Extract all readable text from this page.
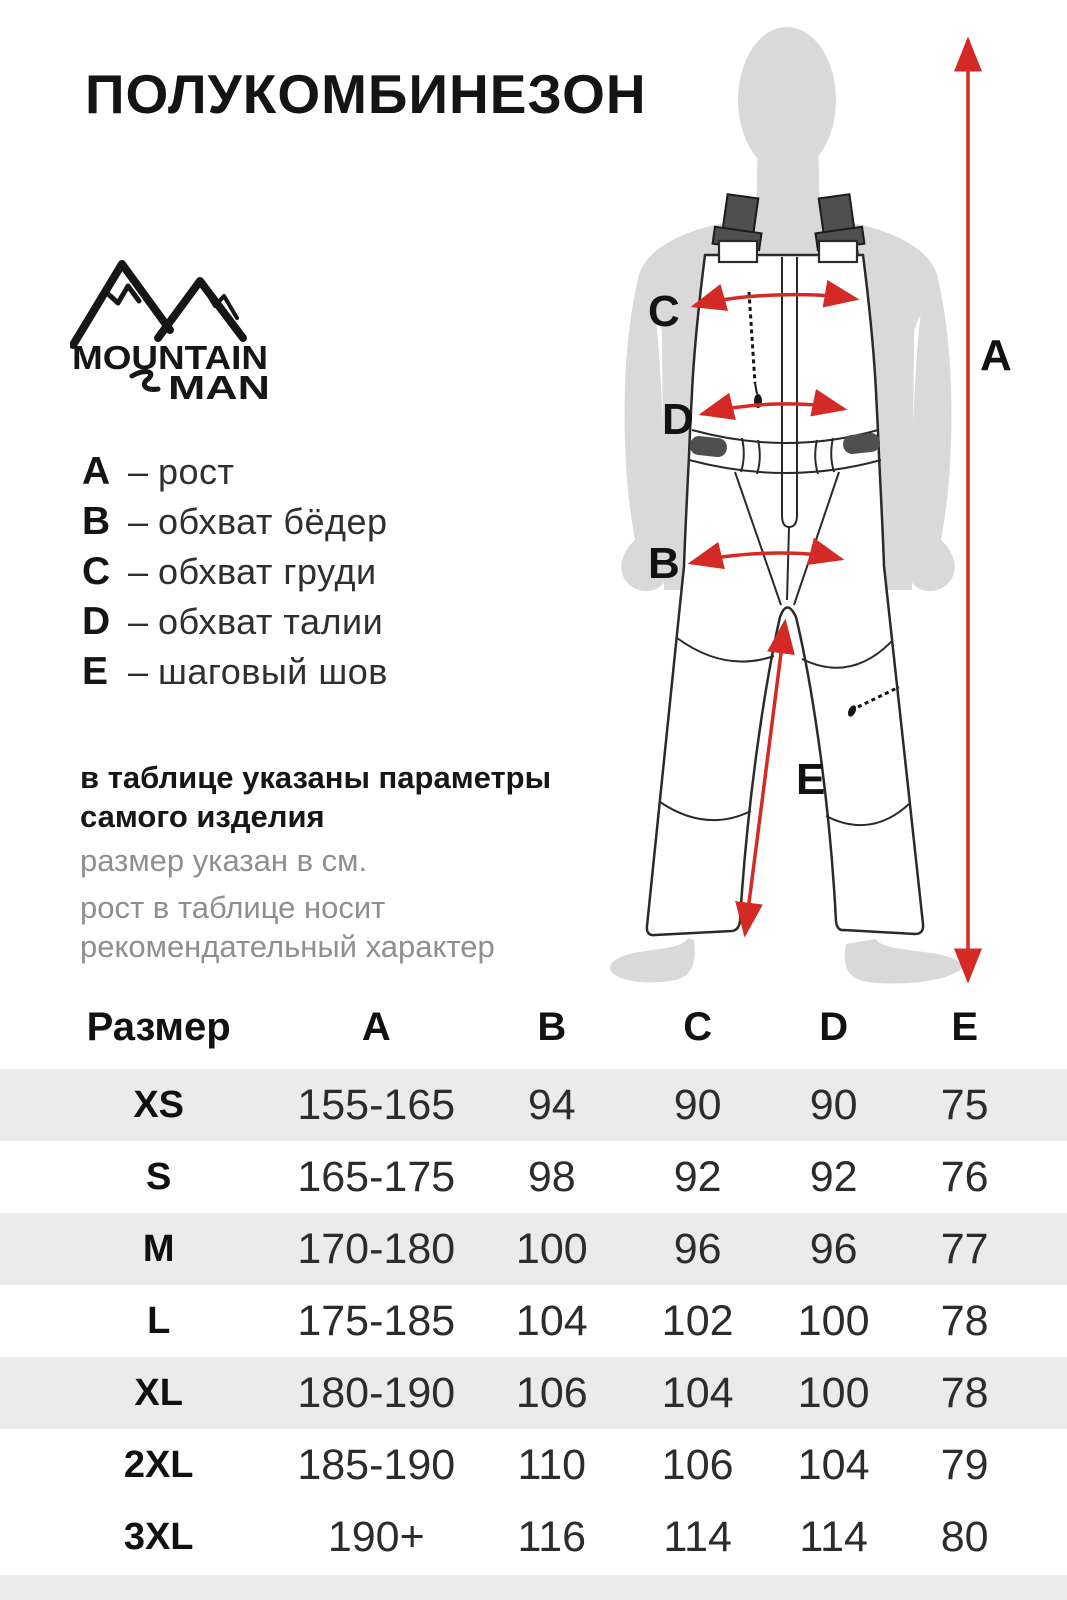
ПОЛУКОМБИНЕЗОН
MOUNTAIN
MAN
A – рост
B – обхват бёдер
C – обхват груди
D – обхват талии
E – шаговый шов
в таблице указаны параметры самого изделия
размер указан в см.
рост в таблице носит рекомендательный характер
C
D
B
E
A
Размер	A	B	C	D	E
XS	155-165	94	90	90	75
S	165-175	98	92	92	76
M	170-180	100	96	96	77
L	175-185	104	102	100	78
XL	180-190	106	104	100	78
2XL	185-190	110	106	104	79
3XL	190+	116	114	114	80
